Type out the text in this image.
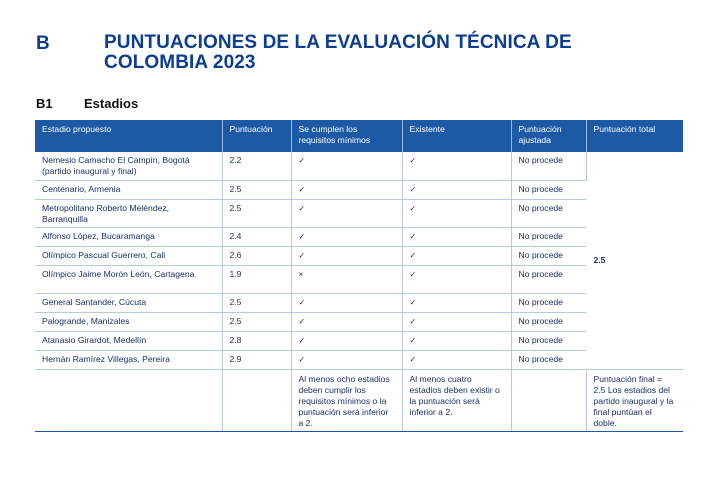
B	PUNTUACIONES DE LA EVALUACIÓN TÉCNICA DE COLOMBIA 2023
B1 Estadios
Estadio propuesto	Puntuación	Se cumplen los requisitos mínimos	Existente	Puntuación ajustada	Puntuación total
Nemesio Camacho El Campín, Bogotá (partido inaugural y final)	2.2	✓	✓	No procede	2.5
Centenario, Armenia	2.5	✓	✓	No procede	
Metropolitano Roberto Meléndez, Barranquilla	2.5	✓	✓	No procede	
Alfonso López, Bucaramanga	2.4	✓	✓	No procede	
Olímpico Pascual Guerrero, Cali	2.6	✓	✓	No procede	
Olímpico Jaime Morón León, Cartagena	1.9	×	✓	No procede	
General Santander, Cúcuta	2.5	✓	✓	No procede	
Palogrande, Manizales	2.5	✓	✓	No procede	
Atanasio Girardot, Medellín	2.8	✓	✓	No procede	
Hernán Ramírez Villegas, Pereira	2.9	✓	✓	No procede	
		Al menos ocho estadios deben cumplir los requisitos mínimos o la puntuación será inferior a 2.	Al menos cuatro estadios deben existir o la puntuación será inferior a 2.		Puntuación final = 2.5 Los estadios del partido inaugural y la final puntúan el doble.
